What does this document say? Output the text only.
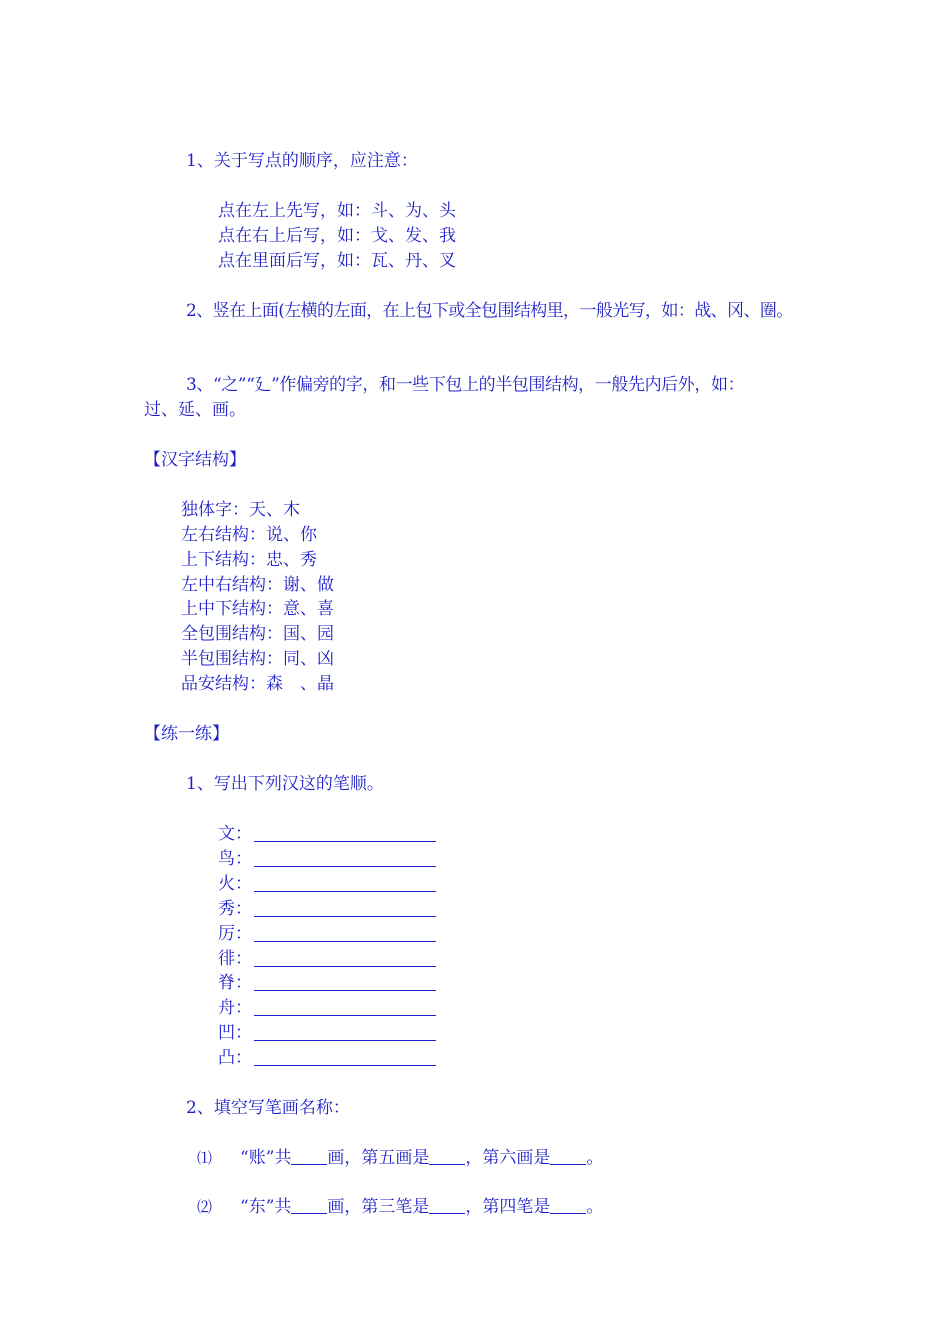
1、关于写点的顺序，应注意：
点在左上先写，如：斗、为、头
点在右上后写，如：戈、发、我
点在里面后写，如：瓦、丹、叉
2、竖在上面(左横的左面，在上包下或全包围结构里，一般光写，如：战、冈、圈。
3、“之”“廴”作偏旁的字，和一些下包上的半包围结构，一般先内后外，如：
过、延、画。
【汉字结构】
独体字：天、木
左右结构：说、你
上下结构：忠、秀
左中右结构：谢、做
上中下结构：意、喜
全包围结构：国、园
半包围结构：同、凶
品安结构：森　、晶
【练一练】
1、写出下列汉这的笔顺。
文：
鸟：
火：
秀：
厉：
徘：
脊：
舟：
凹：
凸：
2、填空写笔画名称：
⑴ “账”共 画，第五画是 ，第六画是 。
⑵ “东”共 画，第三笔是 ，第四笔是 。
